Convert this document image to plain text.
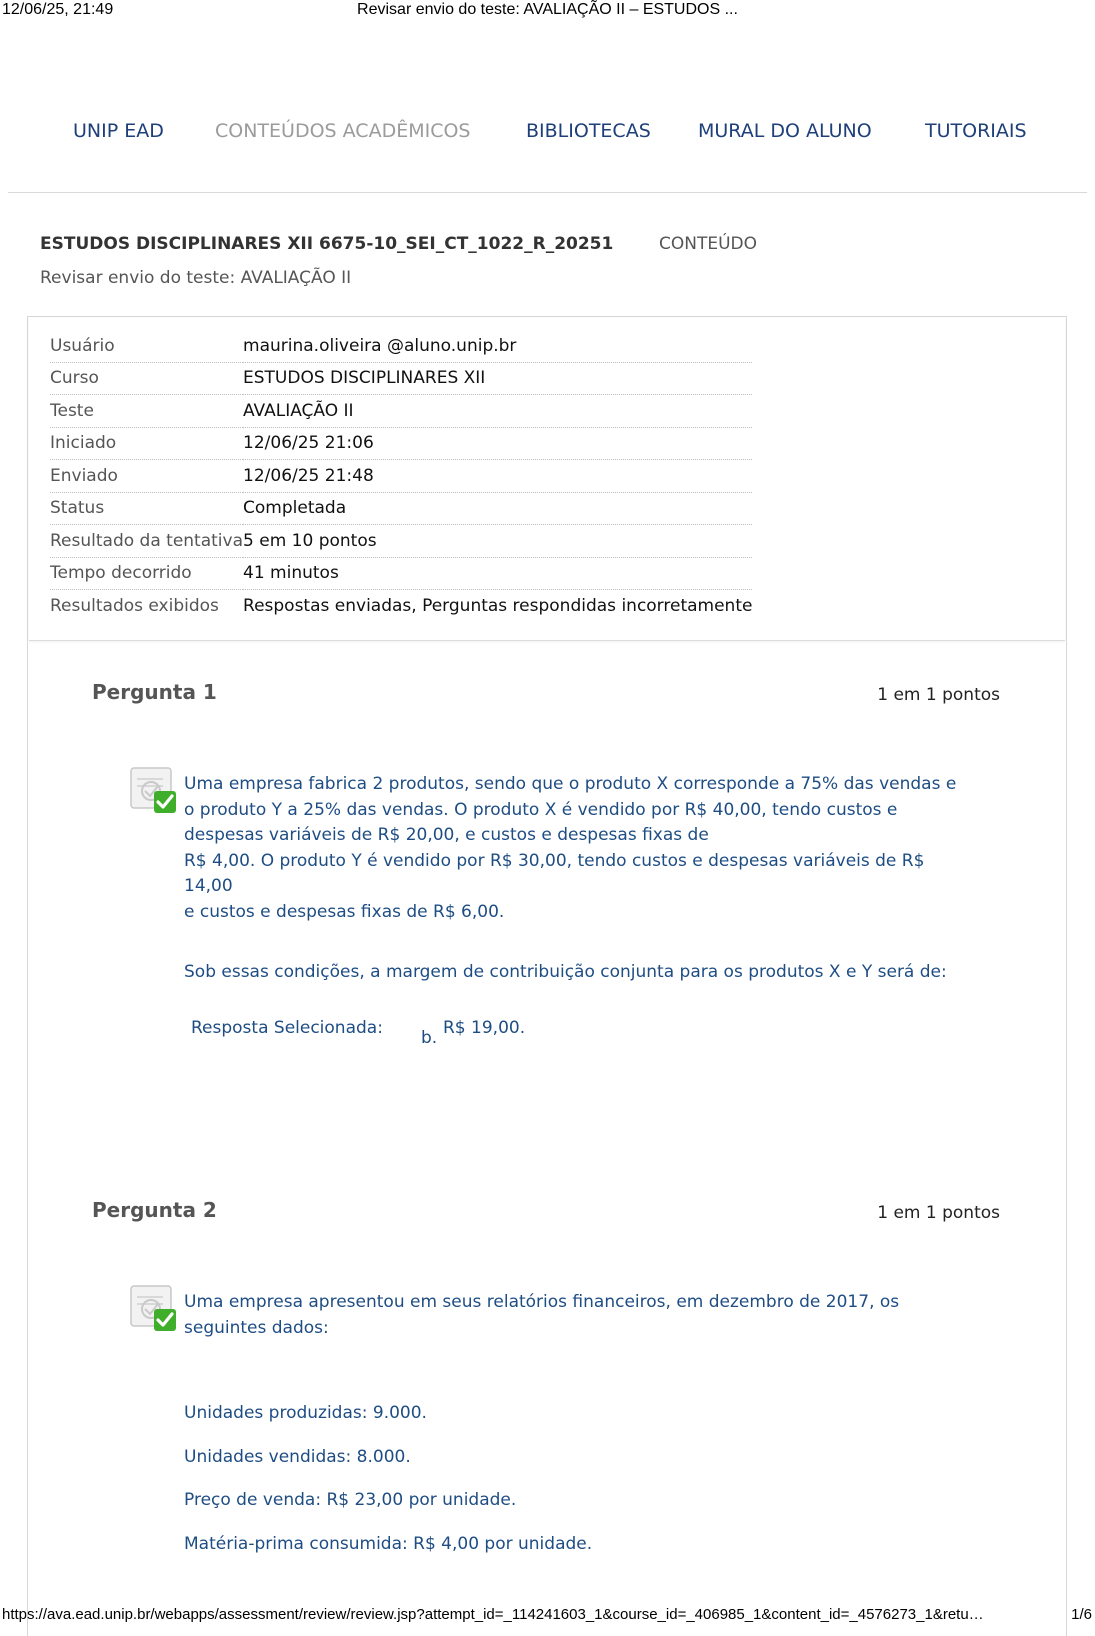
12/06/25, 21:49	Revisar envio do teste: AVALIAÇÃO II – ESTUDOS ...
UNIP EAD	CONTEÚDOS ACADÊMICOS	BIBLIOTECAS MURAL DO ALUNO	TUTORIAIS
ESTUDOS DISCIPLINARES XII 6675-10_SEI_CT_1022_R_20251	CONTEÚDO
Revisar envio do teste: AVALIAÇÃO II
Usuário	maurina.oliveira @aluno.unip.br
Curso	ESTUDOS DISCIPLINARES XII
Teste	AVALIAÇÃO II
Iniciado	12/06/25 21:06
Enviado	12/06/25 21:48
Status	Completada
Resultado da tentativa	5 em 10 pontos
Tempo decorrido	41 minutos
Resultados exibidos	Respostas enviadas, Perguntas respondidas incorretamente
Pergunta 1	1 em 1 pontos
Uma empresa fabrica 2 produtos, sendo que o produto X corresponde a 75% das vendas e
o produto Y a 25% das vendas. O produto X é vendido por R$ 40,00, tendo custos e
despesas variáveis de R$ 20,00, e custos e despesas fixas de
R$ 4,00. O produto Y é vendido por R$ 30,00, tendo custos e despesas variáveis de R$ 14,00
e custos e despesas fixas de R$ 6,00.
Sob essas condições, a margem de contribuição conjunta para os produtos X e Y será de:
Resposta Selecionada: b. R$ 19,00.
Pergunta 2	1 em 1 pontos
Uma empresa apresentou em seus relatórios financeiros, em dezembro de 2017, os
seguintes dados:
Unidades produzidas: 9.000.
Unidades vendidas: 8.000.
Preço de venda: R$ 23,00 por unidade.
Matéria-prima consumida: R$ 4,00 por unidade.
https://ava.ead.unip.br/webapps/assessment/review/review.jsp?attempt_id=_114241603_1&course_id=_406985_1&content_id=_4576273_1&retu…	1/6
